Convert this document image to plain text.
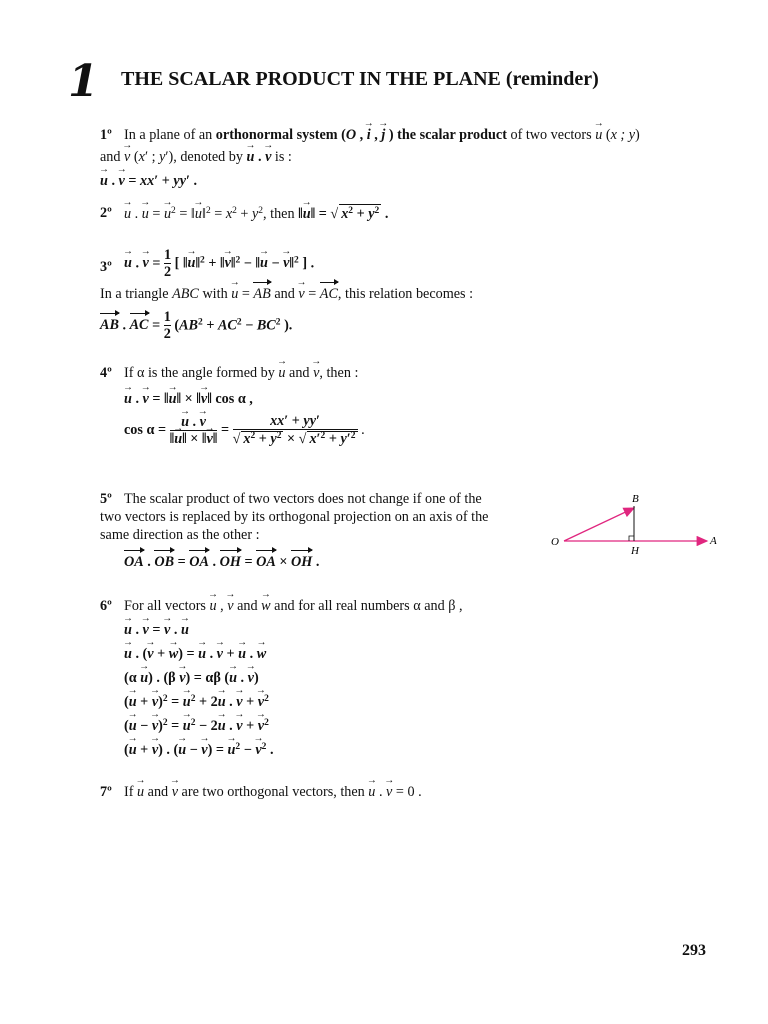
1 THE SCALAR PRODUCT IN THE PLANE (reminder)
1º In a plane of an orthonormal system (O , → i , → j ) the scalar product of two vectors → u (x ; y)
and → v (x′ ; y′), denoted by → u . → v is :
→ u . → v = xx′ + yy′ .
2º → u . → u = → $u^2$ = ‖→ u‖$^2$ = $x^2 + y^2$, then ‖→ u‖ = √ $x^2 + y^2$ .
3º → u . → $v = \frac{1}{2}$ [ ‖→ u‖$^2$ + ‖→ v‖$^2$ − ‖→ u − → v‖$^2$ ] .
In a triangle ABC with → u = AB and → v = AC, this relation becomes :
AB . AC = $\frac{1}{2} (AB^2 + AC^2 - BC^2$ ).
4º If α is the angle formed by → u and → v, then :
→ u . → v = ‖→ u‖ × ‖→ v‖ cos α ,
cos α = → $\frac{u . \to v}{‖\to u‖ \times ‖\to v‖} = \frac{xx' + yy'}{√ x^2 + y^2 \times √ x'^2 + y'^2}$ .
5º The scalar product of two vectors does not change if one of the
two vectors is replaced by its orthogonal projection on an axis of the
same direction as the other :
OA . OB = OA . OH = OA × OH .
O	A
B
H
6º For all vectors → u , → v and → w and for all real numbers α and β ,
→ u . → v = → v . → u
→ u . (→ v + → w) = → u . → v + → u . → w
(α → u) . (β → v) = αβ (→ u . → v)
(→ u + → v)$^2$ = → $u^2 + 2\to u$ . → v + → $v^2$
(→ u − → v)$^2$ = → $u^2 - 2\to u$ . → v + → $v^2$
(→ u + → v) . (→ u − → v) = → $u^2$ − → $v^2$ .
7º If → u and → v are two orthogonal vectors, then → u . → v = 0 .
293
